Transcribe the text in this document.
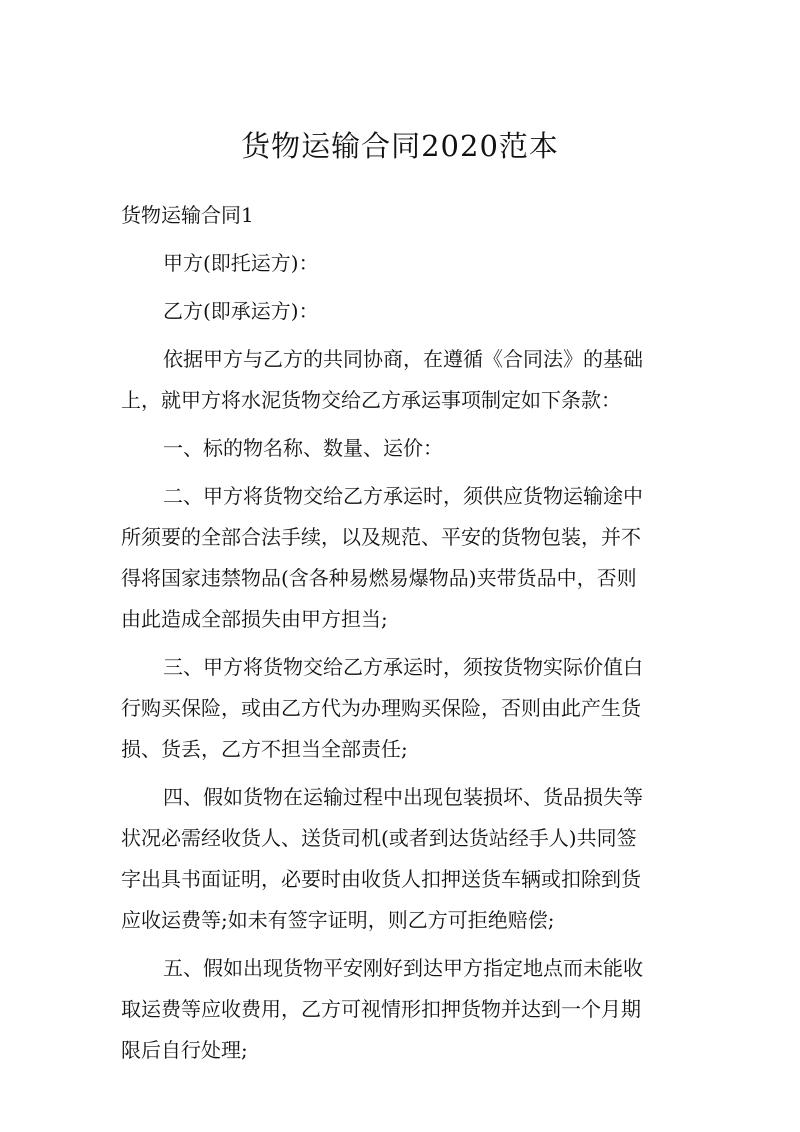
货物运输合同2020范本

货物运输合同1

甲方(即托运方)：

乙方(即承运方)：

依据甲方与乙方的共同协商，在遵循《合同法》的基础
上，就甲方将水泥货物交给乙方承运事项制定如下条款：

一、标的物名称、数量、运价：

二、甲方将货物交给乙方承运时，须供应货物运输途中
所须要的全部合法手续，以及规范、平安的货物包装，并不
得将国家违禁物品(含各种易燃易爆物品)夹带货品中，否则
由此造成全部损失由甲方担当;
三、甲方将货物交给乙方承运时，须按货物实际价值白
行购买保险，或由乙方代为办理购买保险，否则由此产生货
损、货丢，乙方不担当全部责任;
四、假如货物在运输过程中出现包装损坏、货品损失等
状况必需经收货人、送货司机(或者到达货站经手人)共同签
字出具书面证明，必要时由收货人扣押送货车辆或扣除到货
应收运费等;如未有签字证明，则乙方可拒绝赔偿;
五、假如出现货物平安刚好到达甲方指定地点而未能收
取运费等应收费用，乙方可视情形扣押货物并达到一个月期
限后自行处理;
